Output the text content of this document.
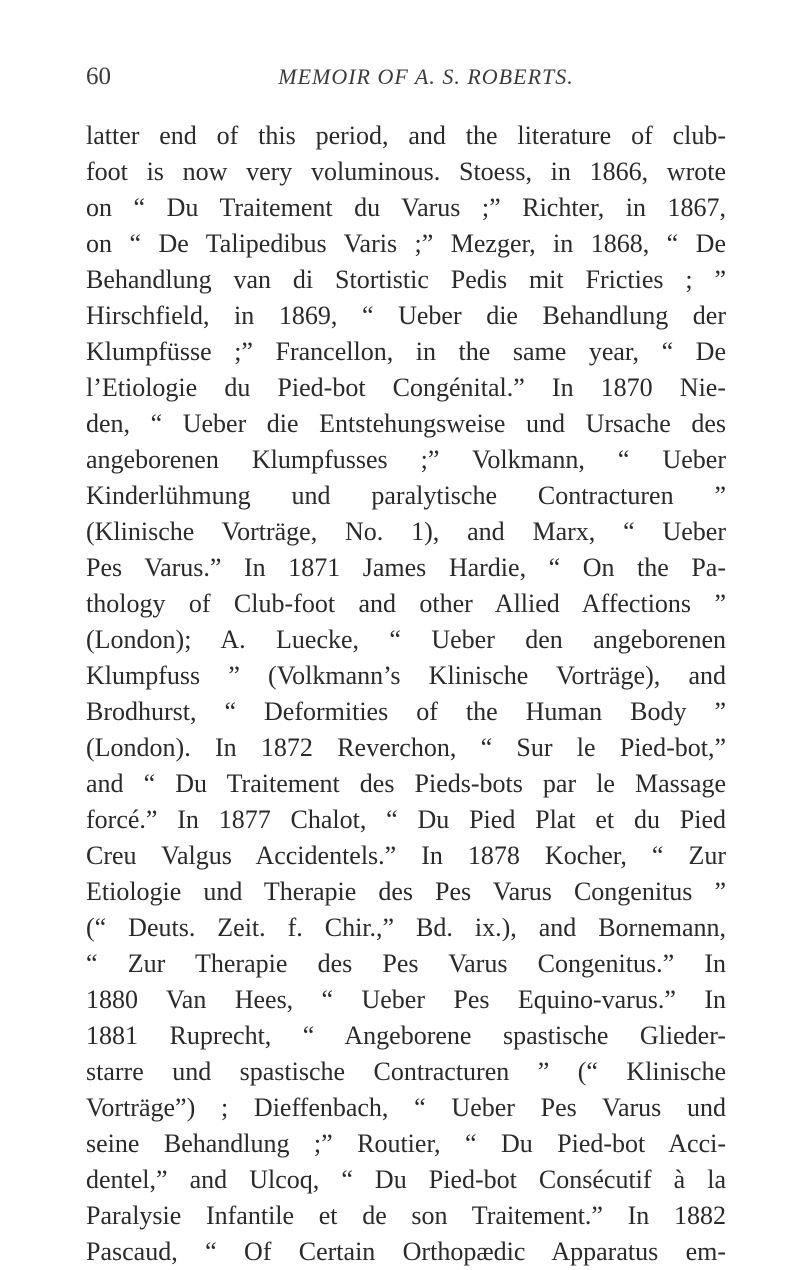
60	MEMOIR OF A. S. ROBERTS.
latter end of this period, and the literature of club-
foot is now very voluminous. Stoess, in 1866, wrote
on “ Du Traitement du Varus ;” Richter, in 1867,
on “ De Talipedibus Varis ;” Mezger, in 1868, “ De
Behandlung van di Stortistic Pedis mit Fricties ; ”
Hirschfield, in 1869, “ Ueber die Behandlung der
Klumpfüsse ;” Francellon, in the same year, “ De
l’Etiologie du Pied-bot Congénital.” In 1870 Nie-
den, “ Ueber die Entstehungsweise und Ursache des
angeborenen Klumpfusses ;” Volkmann, “ Ueber
Kinderlühmung und paralytische Contracturen ”
(Klinische Vorträge, No. 1), and Marx, “ Ueber
Pes Varus.” In 1871 James Hardie, “ On the Pa-
thology of Club-foot and other Allied Affections ”
(London); A. Luecke, “ Ueber den angeborenen
Klumpfuss ” (Volkmann’s Klinische Vorträge), and
Brodhurst, “ Deformities of the Human Body ”
(London). In 1872 Reverchon, “ Sur le Pied-bot,”
and “ Du Traitement des Pieds-bots par le Massage
forcé.” In 1877 Chalot, “ Du Pied Plat et du Pied
Creu Valgus Accidentels.” In 1878 Kocher, “ Zur
Etiologie und Therapie des Pes Varus Congenitus ”
(“ Deuts. Zeit. f. Chir.,” Bd. ix.), and Bornemann,
“ Zur Therapie des Pes Varus Congenitus.” In
1880 Van Hees, “ Ueber Pes Equino-varus.” In
1881 Ruprecht, “ Angeborene spastische Glieder-
starre und spastische Contracturen ” (“ Klinische
Vorträge”) ; Dieffenbach, “ Ueber Pes Varus und
seine Behandlung ;” Routier, “ Du Pied-bot Acci-
dentel,” and Ulcoq, “ Du Pied-bot Consécutif à la
Paralysie Infantile et de son Traitement.” In 1882
Pascaud, “ Of Certain Orthopædic Apparatus em-
